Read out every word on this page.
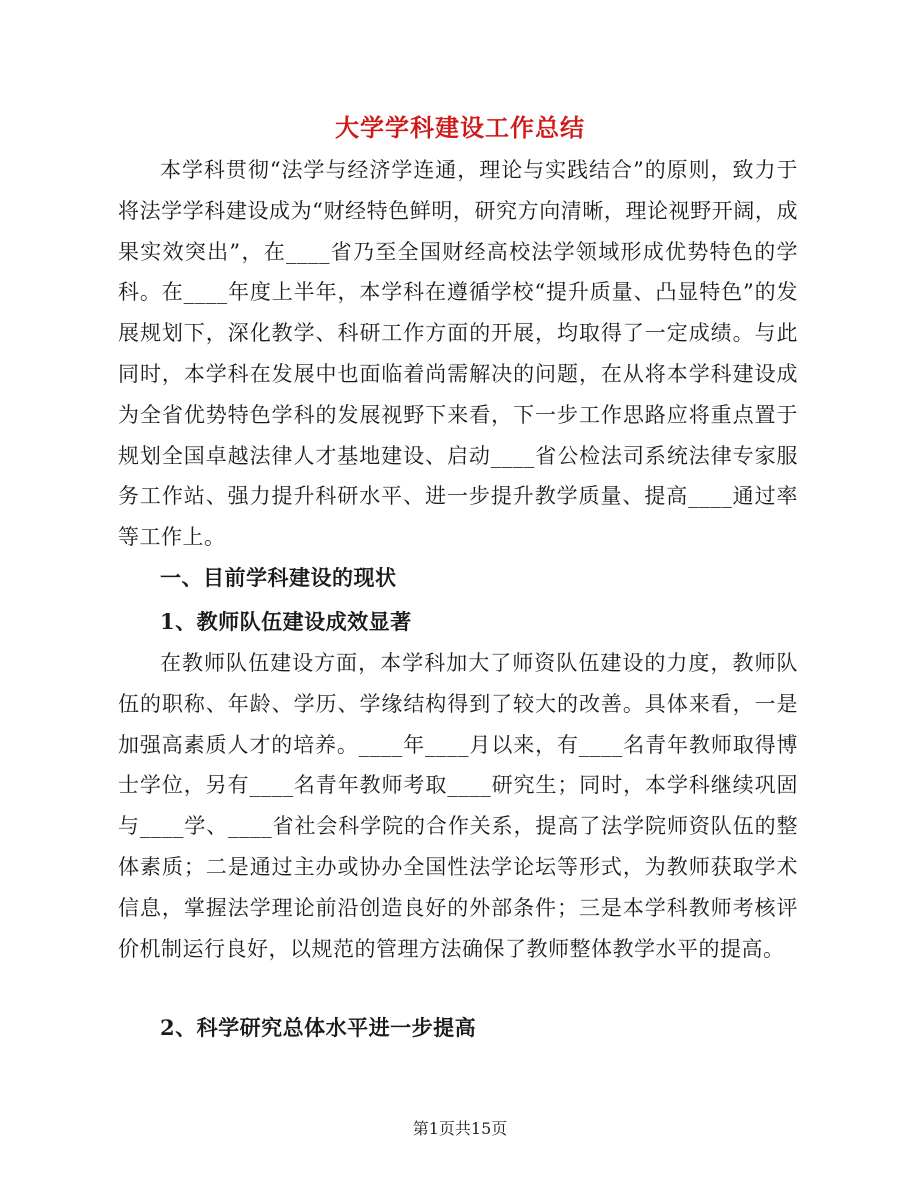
大学学科建设工作总结

本学科贯彻“法学与经济学连通，理论与实践结合”的原则，致力于将法学学科建设成为“财经特色鲜明，研究方向清晰，理论视野开阔，成果实效突出”，在____省乃至全国财经高校法学领域形成优势特色的学科。在____年度上半年，本学科在遵循学校“提升质量、凸显特色”的发展规划下，深化教学、科研工作方面的开展，均取得了一定成绩。与此同时，本学科在发展中也面临着尚需解决的问题，在从将本学科建设成为全省优势特色学科的发展视野下来看，下一步工作思路应将重点置于规划全国卓越法律人才基地建设、启动____省公检法司系统法律专家服务工作站、强力提升科研水平、进一步提升教学质量、提高____通过率等工作上。

一、目前学科建设的现状
1、教师队伍建设成效显著

在教师队伍建设方面，本学科加大了师资队伍建设的力度，教师队伍的职称、年龄、学历、学缘结构得到了较大的改善。具体来看，一是加强高素质人才的培养。____年____月以来，有____名青年教师取得博士学位，另有____名青年教师考取____研究生；同时，本学科继续巩固与____学、____省社会科学院的合作关系，提高了法学院师资队伍的整体素质；二是通过主办或协办全国性法学论坛等形式，为教师获取学术信息，掌握法学理论前沿创造良好的外部条件；三是本学科教师考核评价机制运行良好，以规范的管理方法确保了教师整体教学水平的提高。

2、科学研究总体水平进一步提高
第1页共15页
